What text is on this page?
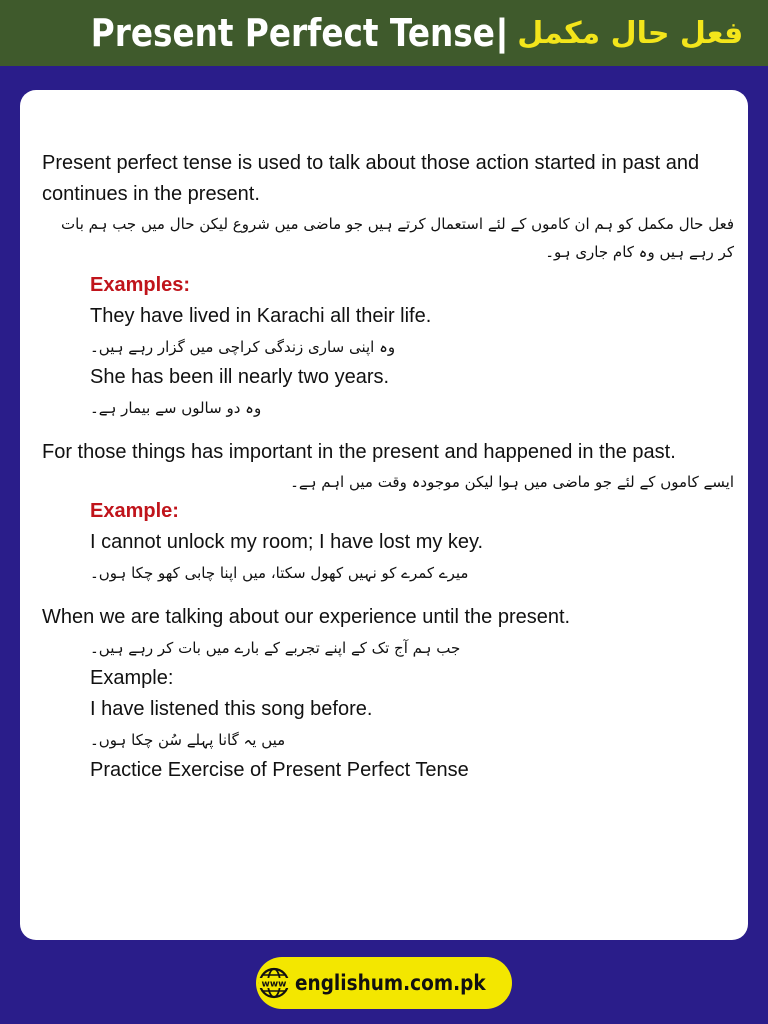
Present Perfect Tense | فعل حال مکمل
Present perfect tense is used to talk about those action started in past and continues in the present.
فعل حال مکمل کو ہم ان کاموں کے لئے استعمال کرتے ہیں جو ماضی میں شروع لیکن حال میں جب ہم بات کر رہے ہیں وہ کام جاری ہو۔
Examples:
They have lived in Karachi all their life.
وہ اپنی ساری زندگی کراچی میں گزار رہے ہیں۔
She has been ill nearly two years.
وہ دو سالوں سے بیمار ہے۔
For those things has important in the present and happened in the past.
ایسے کاموں کے لئے جو ماضی میں ہوا لیکن موجودہ وقت میں اہم ہے۔
Example:
I cannot unlock my room; I have lost my key.
میرے کمرے کو نہیں کھول سکتا، میں اپنا چابی کھو چکا ہوں۔
When we are talking about our experience until the present.
جب ہم آج تک کے اپنے تجربے کے بارے میں بات کر رہے ہیں۔
Example:
I have listened this song before.
میں یہ گانا پہلے سُن چکا ہوں۔
Practice Exercise of Present Perfect Tense
www englishum.com.pk
